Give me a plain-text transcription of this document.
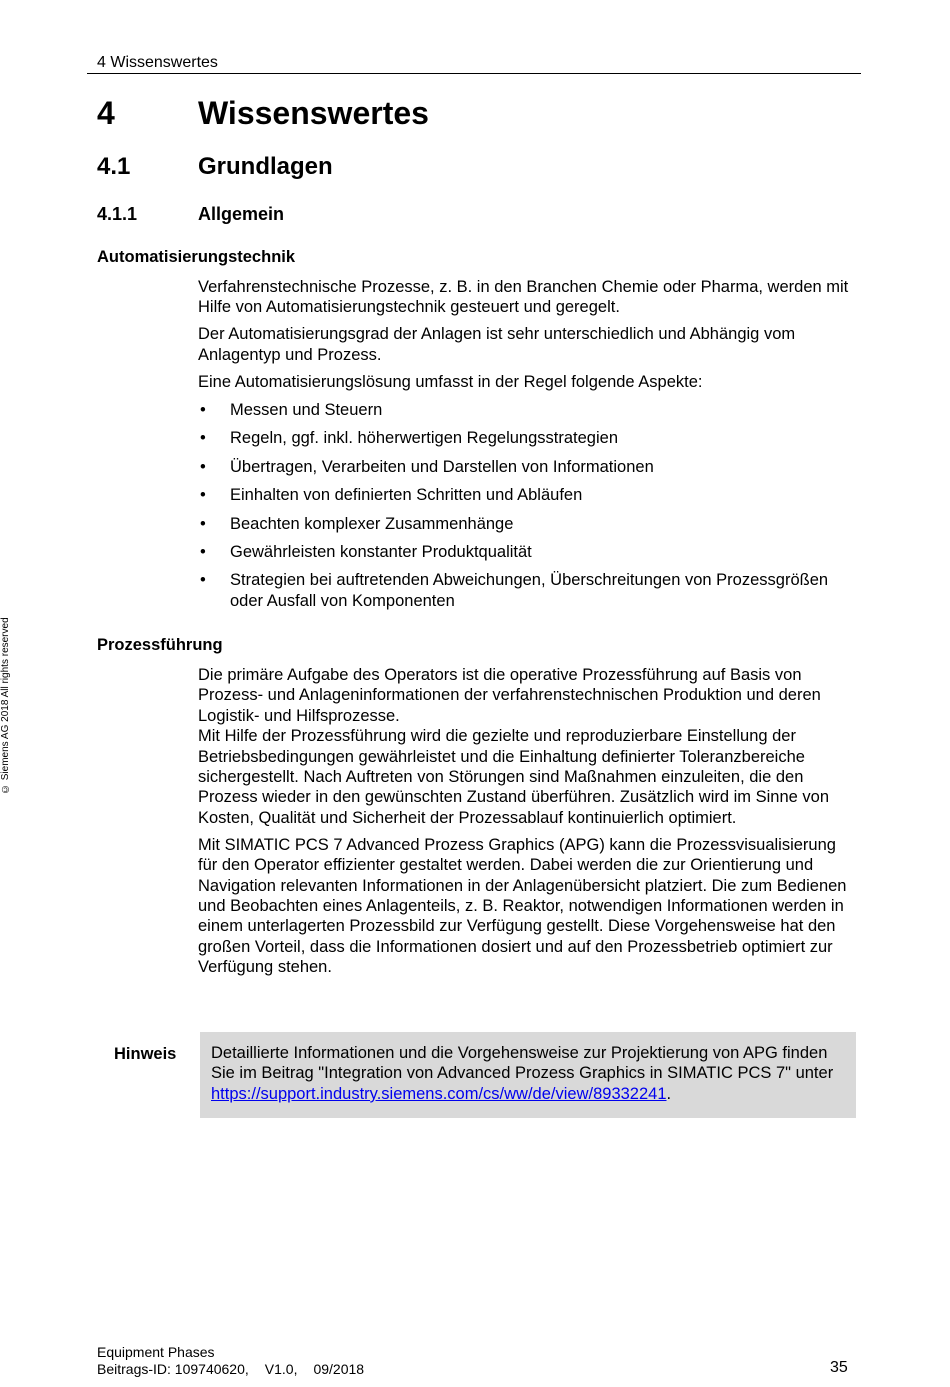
4 Wissenswertes
© Siemens AG 2018 All rights reserved
4	Wissenswertes
4.1	Grundlagen
4.1.1	Allgemein
Automatisierungstechnik

Verfahrenstechnische Prozesse, z. B. in den Branchen Chemie oder Pharma, werden mit Hilfe von Automatisierungstechnik gesteuert und geregelt.

Der Automatisierungsgrad der Anlagen ist sehr unterschiedlich und Abhängig vom Anlagentyp und Prozess.

Eine Automatisierungslösung umfasst in der Regel folgende Aspekte:

• Messen und Steuern
• Regeln, ggf. inkl. höherwertigen Regelungsstrategien
• Übertragen, Verarbeiten und Darstellen von Informationen
• Einhalten von definierten Schritten und Abläufen
• Beachten komplexer Zusammenhänge
• Gewährleisten konstanter Produktqualität
• Strategien bei auftretenden Abweichungen, Überschreitungen von Prozessgrößen oder Ausfall von Komponenten
Prozessführung

Die primäre Aufgabe des Operators ist die operative Prozessführung auf Basis von Prozess- und Anlageninformationen der verfahrenstechnischen Produktion und deren Logistik- und Hilfsprozesse.

Mit Hilfe der Prozessführung wird die gezielte und reproduzierbare Einstellung der Betriebsbedingungen gewährleistet und die Einhaltung definierter Toleranzbereiche sichergestellt. Nach Auftreten von Störungen sind Maßnahmen einzuleiten, die den Prozess wieder in den gewünschten Zustand überführen. Zusätzlich wird im Sinne von Kosten, Qualität und Sicherheit der Prozessablauf kontinuierlich optimiert.

Mit SIMATIC PCS 7 Advanced Prozess Graphics (APG) kann die Prozessvisualisierung für den Operator effizienter gestaltet werden. Dabei werden die zur Orientierung und Navigation relevanten Informationen in der Anlagenübersicht platziert. Die zum Bedienen und Beobachten eines Anlagenteils, z. B. Reaktor, notwendigen Informationen werden in einem unterlagerten Prozessbild zur Verfügung gestellt. Diese Vorgehensweise hat den großen Vorteil, dass die Informationen dosiert und auf den Prozessbetrieb optimiert zur Verfügung stehen.

Hinweis	Detaillierte Informationen und die Vorgehensweise zur Projektierung von APG finden Sie im Beitrag "Integration von Advanced Prozess Graphics in SIMATIC PCS 7" unter https://support.industry.siemens.com/cs/ww/de/view/89332241.
Equipment Phases
Beitrags-ID: 109740620, V1.0, 09/2018	35
